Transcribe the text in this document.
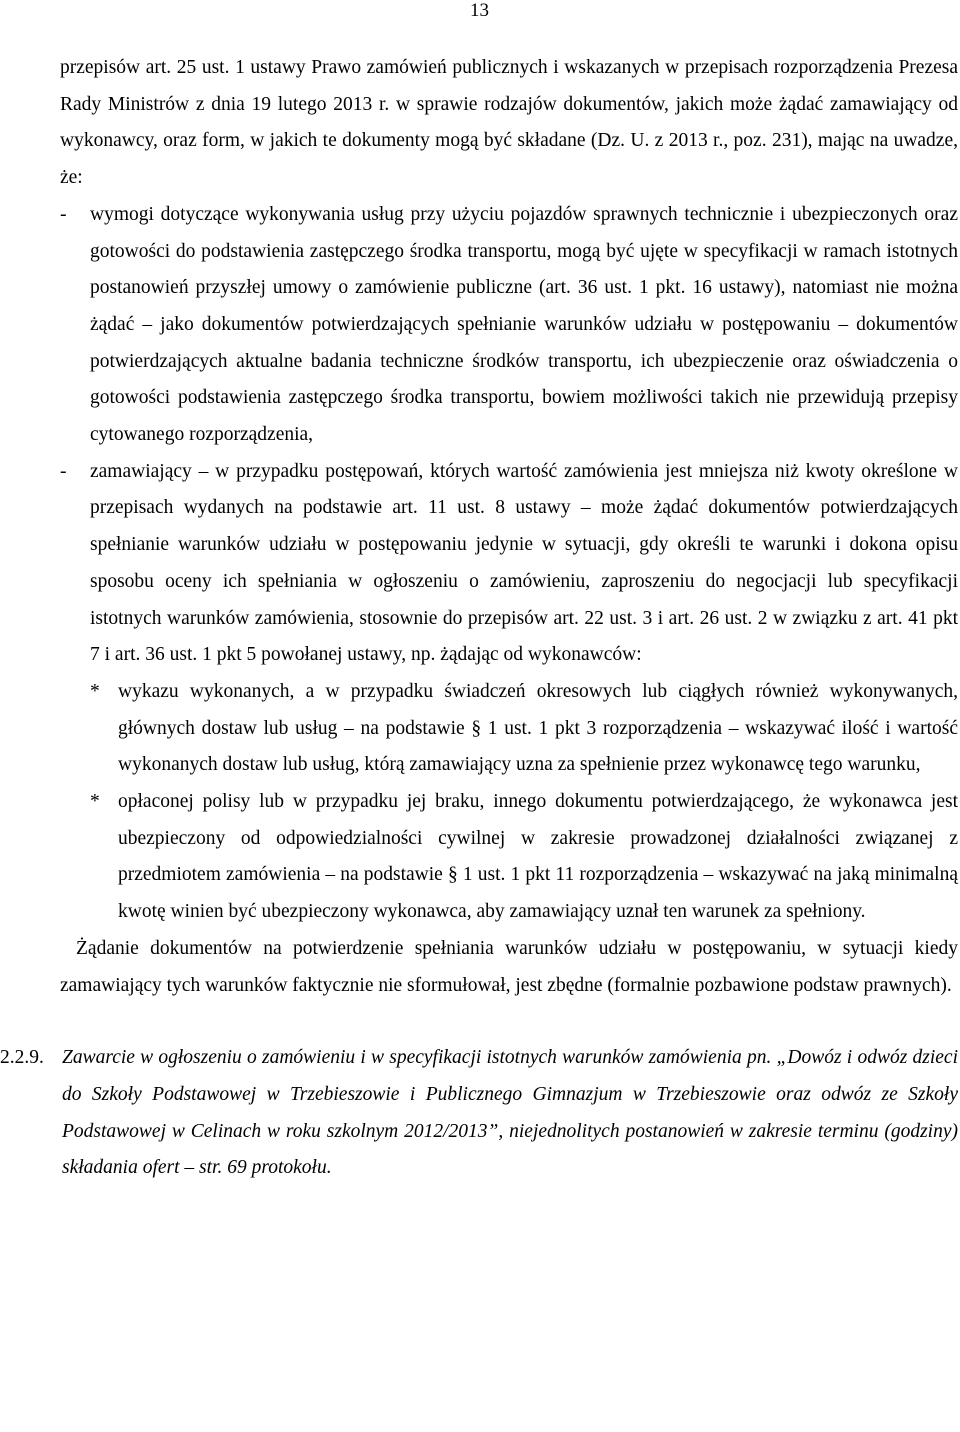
13

przepisów art. 25 ust. 1 ustawy Prawo zamówień publicznych i wskazanych w przepisach rozporządzenia Prezesa Rady Ministrów z dnia 19 lutego 2013 r. w sprawie rodzajów dokumentów, jakich może żądać zamawiający od wykonawcy, oraz form, w jakich te dokumenty mogą być składane (Dz. U. z 2013 r., poz. 231), mając na uwadze, że:

- wymogi dotyczące wykonywania usług przy użyciu pojazdów sprawnych technicznie i ubezpieczonych oraz gotowości do podstawienia zastępczego środka transportu, mogą być ujęte w specyfikacji w ramach istotnych postanowień przyszłej umowy o zamówienie publiczne (art. 36 ust. 1 pkt. 16 ustawy), natomiast nie można żądać – jako dokumentów potwierdzających spełnianie warunków udziału w postępowaniu – dokumentów potwierdzających aktualne badania techniczne środków transportu, ich ubezpieczenie oraz oświadczenia o gotowości podstawienia zastępczego środka transportu, bowiem możliwości takich nie przewidują przepisy cytowanego rozporządzenia,
- zamawiający – w przypadku postępowań, których wartość zamówienia jest mniejsza niż kwoty określone w przepisach wydanych na podstawie art. 11 ust. 8 ustawy – może żądać dokumentów potwierdzających spełnianie warunków udziału w postępowaniu jedynie w sytuacji, gdy określi te warunki i dokona opisu sposobu oceny ich spełniania w ogłoszeniu o zamówieniu, zaproszeniu do negocjacji lub specyfikacji istotnych warunków zamówienia, stosownie do przepisów art. 22 ust. 3 i art. 26 ust. 2 w związku z art. 41 pkt 7 i art. 36 ust. 1 pkt 5 powołanej ustawy, np. żądając od wykonawców:
* wykazu wykonanych, a w przypadku świadczeń okresowych lub ciągłych również wykonywanych, głównych dostaw lub usług – na podstawie § 1 ust. 1 pkt 3 rozporządzenia – wskazywać ilość i wartość wykonanych dostaw lub usług, którą zamawiający uzna za spełnienie przez wykonawcę tego warunku,
* opłaconej polisy lub w przypadku jej braku, innego dokumentu potwierdzającego, że wykonawca jest ubezpieczony od odpowiedzialności cywilnej w zakresie prowadzonej działalności związanej z przedmiotem zamówienia – na podstawie § 1 ust. 1 pkt 11 rozporządzenia – wskazywać na jaką minimalną kwotę winien być ubezpieczony wykonawca, aby zamawiający uznał ten warunek za spełniony.

Żądanie dokumentów na potwierdzenie spełniania warunków udziału w postępowaniu, w sytuacji kiedy zamawiający tych warunków faktycznie nie sformułował, jest zbędne (formalnie pozbawione podstaw prawnych).

2.2.9. Zawarcie w ogłoszeniu o zamówieniu i w specyfikacji istotnych warunków zamówienia pn. „Dowóz i odwóz dzieci do Szkoły Podstawowej w Trzebieszowie i Publicznego Gimnazjum w Trzebieszowie oraz odwóz ze Szkoły Podstawowej w Celinach w roku szkolnym 2012/2013”, niejednolitych postanowień w zakresie terminu (godziny) składania ofert – str. 69 protokołu.
